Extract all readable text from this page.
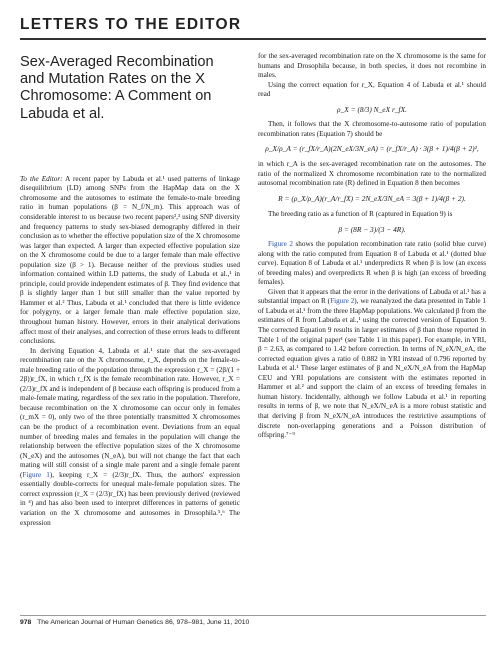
LETTERS TO THE EDITOR
Sex-Averaged Recombination and Mutation Rates on the X Chromosome: A Comment on Labuda et al.

To the Editor: A recent paper by Labuda et al.¹ used patterns of linkage disequilibrium (LD) among SNPs from the HapMap data on the X chromosome and the autosomes to estimate the female-to-male breeding ratio in human populations (β = N_f/N_m). This approach was of considerable interest to us because two recent papers²,³ using SNP diversity and frequency patterns to study sex-biased demography differed in their conclusion as to whether the effective population size of the X chromosome was larger than expected. A larger than expected effective population size on the X chromosome could be due to a larger female than male effective population size (β > 1). Because neither of the previous studies used information contained within LD patterns, the study of Labuda et al.,¹ in principle, could provide independent estimates of β. They find evidence that β is slightly larger than 1 but still smaller than the value reported by Hammer et al.² Thus, Labuda et al.¹ concluded that there is little evidence for polygyny, or a larger female than male effective population size, throughout human history. However, errors in their analytical derivations affect most of their analyses, and correction of these errors leads to different conclusions.

In deriving Equation 4, Labuda et al.¹ state that the sex-averaged recombination rate on the X chromosome, r_X, depends on the female-to-male breeding ratio of the population through the expression r_X = (2β/(1 + 2β))r_fX, in which r_fX is the female recombination rate. However, r_X = (2/3)r_fX and is independent of β because each offspring is produced from a male-female mating, regardless of the sex ratio in the population. Therefore, because recombination on the X chromosome can occur only in females (r_mX = 0), only two of the three potentially transmitted X chromosomes can be the product of a recombination event. Deviations from an equal number of breeding males and females in the population will change the relationship between the effective population sizes of the X chromosome (N_eX) and the autosomes (N_eA), but will not change the fact that each mating will still consist of a single male parent and a single female parent (Figure 1), keeping r_X = (2/3)r_fX. Thus, the authors' expression essentially double-corrects for unequal male-female population sizes. The correct expression (r_X = (2/3)r_fX) has been previously derived (reviewed in ⁴) and has also been used to interpret differences in patterns of genetic variation on the X chromosome and autosomes in Drosophila.⁵,⁶ The expression

for the sex-averaged recombination rate on the X chromosome is the same for humans and Drosophila because, in both species, it does not recombine in males.

Using the correct equation for r_X, Equation 4 of Labuda et al.¹ should read

ρ_X = (8/3) N_eX r_fX.

Then, it follows that the X chromosome-to-autosome ratio of population recombination rates (Equation 7) should be

ρ_X/ρ_A = (r_fX/r_A)(2N_eX/3N_eA) = (r_fX/r_A) · 3(β + 1)/4(β + 2)²,

in which r_A is the sex-averaged recombination rate on the autosomes. The ratio of the normalized X chromosome recombination rate to the normalized autosomal recombination rate (R) defined in Equation 8 then becomes

R = (ρ_X/ρ_A)(r_A/r_fX) = 2N_eX/3N_eA = 3(β + 1)/4(β + 2).

The breeding ratio as a function of R (captured in Equation 9) is

β = (8R − 3)/(3 − 4R).

Figure 2 shows the population recombination rate ratio (solid blue curve) along with the ratio computed from Equation 8 of Labuda et al.¹ (dotted blue curve). Equation 8 of Labuda et al.¹ underpredicts R when β is low (an excess of breeding males) and overpredicts R when β is high (an excess of breeding females).

Given that it appears that the error in the derivations of Labuda et al.¹ has a substantial impact on R (Figure 2), we reanalyzed the data presented in Table 1 of Labuda et al.¹ from the three HapMap populations. We calculated β from the estimates of R from Labuda et al.,¹ using the corrected version of Equation 9. The corrected Equation 9 results in larger estimates of β than those reported in Table 1 of the original paper¹ (see Table 1 in this paper). For example, in YRI, β = 2.63, as compared to 1.42 before correction. In terms of N_eX/N_eA, the corrected equation gives a ratio of 0.882 in YRI instead of 0.796 reported by Labuda et al.¹ These larger estimates of β and N_eX/N_eA from the HapMap CEU and YRI populations are consistent with the estimates reported in Hammer et al.² and support the claim of an excess of breeding females in human history. Incidentally, although we follow Labuda et al.¹ in reporting results in terms of β, we note that N_eX/N_eA is a more robust statistic and that deriving β from N_eX/N_eA introduces the restrictive assumptions of discrete non-overlapping generations and a Poisson distribution of offspring.⁷⁻⁹

978 The American Journal of Human Genetics 86, 978–981, June 11, 2010
